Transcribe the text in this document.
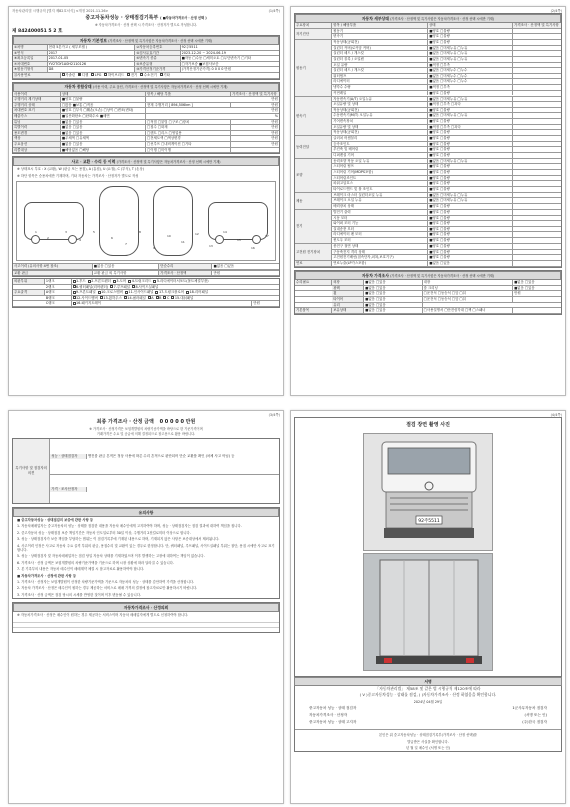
자동차관리법 시행규칙 [별지 제82호서식] <개정 2021.11.26>	(1/4쪽)
중고자동차성능 · 상태점검기록부 ( ■자동차가격조사 · 산정 선택 )
※ 자동차가격조사 · 산정 선택 시 가격조사 · 산정자가 별도로 작성합니다.
제 842400051 5 2 호
자동차 기본정보 (가격조사 · 산정액 및 특기사항은 자동차가격조사 · 산정 선택 시에만 기재)
①차명	현대 5톤카고 ( 세부모델 )	②자동차등록번호	92주5511
③연식	2017	④검사유효기간	2023-12-20 ~ 2024-06-19
⑤최초등록일	2017-01-05	⑥변속기 종류	■자동 □수동 □세미오토 □무단변속기 □기타
⑦차대번호	YV2TGY1A0H2110126	⑧보증유형	□자가보증 ■보험사보증
⑨원동기형식	D8	⑩가격산정기준가격	(가격산정기준가격) 0 0 0 0 만원
⑪사용연료	가솔린 디젤 LPG 하이브리드 전기 수소전기 기타
자동차 종합상태 (사용 이력, 주요 옵션, 가격조사 · 산정액 및 특기사항은 자동차가격조사 · 산정 선택 시에만 기재)
사용이력	상태	항목 / 해당 부품	가격조사 · 산정액 및 특기사항
주행거리 계기상태	■양호 □불량	만원
주행거리 상태	□많음 ■보통 □적음	현재 주행거리 [ 894,506km ]	만원
차대번호 표기	■양호 □부식 □훼손(오손) □상이 □변조(변타)	만원
배출가스	■일산화탄소 □탄화수소 ■매연	%
튜닝	■없음 □있음	□적법 □불법 □구조 □장치	만원
특별이력	■없음 □있음	□침수 □화재	만원
용도변경	■없음 □있음	□렌트 □리스 □영업용	만원
색상	■무채색 □유채색	□전체도색 □색상변경	만원
주요옵션	■없음 □있음	□선루프 □내비게이션 □기타	만원
리콜대상	■해당없음 □해당	□이행 □미이행
사고 · 교환 · 수리 등 이력 (가격조사 · 산정액 및 특기사항은 자동차가격조사 · 산정 선택 시에만 기재)
※ 상태표시 부호 : X (교환), W (판금 또는 용접), A (흠집), U (요철), C (부식), T (손상)
※ 하단 항목은 승용차에만 기재하며, 기타 자동차는 가격조사 · 산정자가 별도로 작성
1
2
3
4
5
6
7
8
9
10
11
12
13
14
15
16
17
사고이력 (유의사항 4번 참조)	■없음 □있음	단순수리	■없음 □있음
교환 판금	교환 판금 외 특기사항	가격조사 · 산정액	만원
외판부위	1랭크	1.후드 2.프론트펜더 3.도어 4.트렁크리드 5.라디에이터서포트(볼트체결부품)
2랭크	6.쿼터패널(리어펜더) 7.루프패널 8.사이드실패널
주요골격	A랭크	9.프론트패널 10.크로스멤버 11.인사이드패널 17.트렁크플로어 18.리어패널
B랭크	12.사이드멤버 13.휠하우스 14.필러패널 A B C 15.대쉬패널
C랭크	16.패키지트레이	만원
(2/4쪽)
자동차 세부상태 (가격조사 · 산정액 및 특기사항은 자동차가격조사 · 산정 선택 시에만 기재)
주요장치	항목 / 해당부품	상태	가격조사 · 산정액 및 특기사항
자기진단
원동기	■양호 □불량
변속기	■양호 □불량
원동기
작동상태(공회전)	■양호 □불량
실린더 커버(로커암 커버)	■없음 □미세누유 □누유
실린더 헤드 / 개스킷	■없음 □미세누유 □누유
실린더 블록 / 오일팬	■없음 □미세누유 □누유
오일 유량	■적정 □부족
실린더 헤드 / 개스킷	■없음 □미세누수 □누수
워터펌프	■없음 □미세누수 □누수
라디에이터	■없음 □미세누수 □누수
냉각수 수량	■적정 □부족
커먼레일	■양호 □불량
변속기
자동변속기(A/T) 오일누유	■없음 □미세누유 □누유
오일유량 및 상태	■적정 □부족 □과다
작동상태(공회전)	■양호 □불량
수동변속기(M/T) 오일누유	■없음 □미세누유 □누유
기어변속장치	■양호 □불량
오일유량 및 상태	■적정 □부족 □과다
작동상태(공회전)	■양호 □불량
동력전달
클러치 어셈블리	■양호 □불량
등속조인트	■양호 □불량
추진축 및 베어링	■양호 □불량
디퍼렌셜 기어	■양호 □불량
조향
동력조향 작동 오일 누유	■없음 □미세누유 □누유
스티어링 펌프	■양호 □불량
스티어링 기어(MDPS포함)	■양호 □불량
스티어링조인트	■양호 □불량
파워고압호스	■양호 □불량
타이로드엔드 및 볼 조인트	■양호 □불량
제동
브레이크 마스터 실린더오일 누유	■없음 □미세누유 □누유
브레이크 오일 누유	■없음 □미세누유 □누유
배력장치 상태	■양호 □불량
전기
발전기 출력	■양호 □불량
시동 모터	■양호 □불량
와이퍼 모터 기능	■양호 □불량
실내송풍 모터	■양호 □불량
라디에이터 팬 모터	■양호 □불량
윈도우 모터	■양호 □불량
고전원 전기장치
충전구 절연 상태	■양호 □불량
구동축전지 격리 상태	■양호 □불량
고전원전기배선(접속단자,피복,보호기구)	■양호 □불량
연료	연료누출(LP가스포함)	■없음 □있음
자동차 가격조사 (가격조사 · 산정액 및 특기사항은 자동차가격조사 · 산정 선택 시에만 기재)
수리필요	외장	■없음 □있음	내장	■없음 □있음
광택	■없음 □있음	룸 크리닝	■없음 □있음
휠	■없음 □있음	□운전석 □동승석 □앞 □뒤	만원
타이어	■없음 □있음	□운전석 □동승석 □앞 □뒤
유리	■없음 □있음
기본품목	보유상태	■없음 □있음	□사용설명서 □안전삼각대 □잭 □스패너
(3/4쪽)
최종 가격조사 · 산정 금액 0 0 0 0 0 만원
※ 가격조사 · 산정가격은 보험개발원의 차량기준가액을 바탕으로 한 기준가격이며
거래가격은 수요 및 공급에 의해 결정되므로 참고용으로 활용 바랍니다.
특기사항 및 점검자의 의견
성능 · 상태점검자	엔진룸 판금 흔적은 정상 사용에 따른 수리 흔적으로 판단되어 단순 교환품 확인 (차체 사고 아님) 등
가격 · 조사산정자
유의사항
■ 중고자동차성능 · 상태점검의 보증에 관한 사항 등
1. 자동차매매업자는 중고자동차의 성능 · 상태를 점검한 내용을 자동차 매수인에게 고지하여야 하며, 성능 · 상태점검자는 점검 결과에 대하여 책임을 집니다.
2. 중고자동차 성능 · 상태점검 보증 책임기간은 자동차 인도일로부터 30일 이상, 주행거리 2천킬로미터 이상으로 합니다.
3. 성능 · 상태점검자가 보증 책임을 부담하는 범위는 이 점검기록부에 기재된 내용으로 하며, 기재되지 않은 사항은 보증대상에서 제외됩니다.
4. 사고이력 인정은 사고로 자동차 주요 골격 부위의 판금, 용접수리 및 교환이 있는 경우로 한정합니다. 단, 쿼터패널, 루프패널, 사이드실패널 부위는 절단, 용접 시에만 사고로 표기합니다.
5. 성능 · 상태점검자 및 자동차매매업자는 점검 당일 자동차 상태를 기재하였으며 이후 발생하는 고장에 대하여는 책임이 없습니다.
6. 가격조사 · 산정 금액은 보험개발원의 차량기준가액을 기준으로 하며 시장 상황에 따라 달라질 수 있습니다.
7. 본 기록부의 내용은 자동차 매수인이 매매계약 체결 시 참고자료로 활용하여야 합니다.
■ 자동차가격조사 · 산정에 관한 사항 등
1. 가격조사 · 산정자는 보험개발원이 산정한 차량기준가액을 기준으로 자동차의 성능 · 상태를 감안하여 가격을 산정합니다.
2. 자동차 가격조사 · 산정은 매수인이 원하는 경우 제공하는 서비스로 매매 가격의 결정에 참고자료로만 활용하시기 바랍니다.
3. 가격조사 · 산정 금액은 점검 당시의 시세를 반영한 것이며 이후 변동될 수 있습니다.
자동차가격조사 · 산정의뢰
※ 자동차가격조사 · 산정은 매수인이 원하는 경우 제공하는 서비스이며 자동차 매매업자에게 별도로 신청하여야 합니다.
(4/4쪽)
점검 장면 촬영 사진
92주5511
서명
「자동차관리법」 제58조 및 같은 법 시행규칙 제120조에 따라
( V )중고자동차성능 · 상태를 점검, ( )자동차가격조사 · 산정 하였음을 확인합니다.
2024년 04월 29일
중고자동차 성능 · 상태 점검자	1군사무자동차 점검자
자동차가격조사 · 산정자	(서명 또는 인)
중고자동차 성능 · 상태 고지자	(주)한국 점검자
본인은 위 중고자동차성능 · 상태점검기록부(가격조사 · 산정 선택)를
발급받은 사실을 확인합니다.
년 월 일 매수인 (서명 또는 인)
